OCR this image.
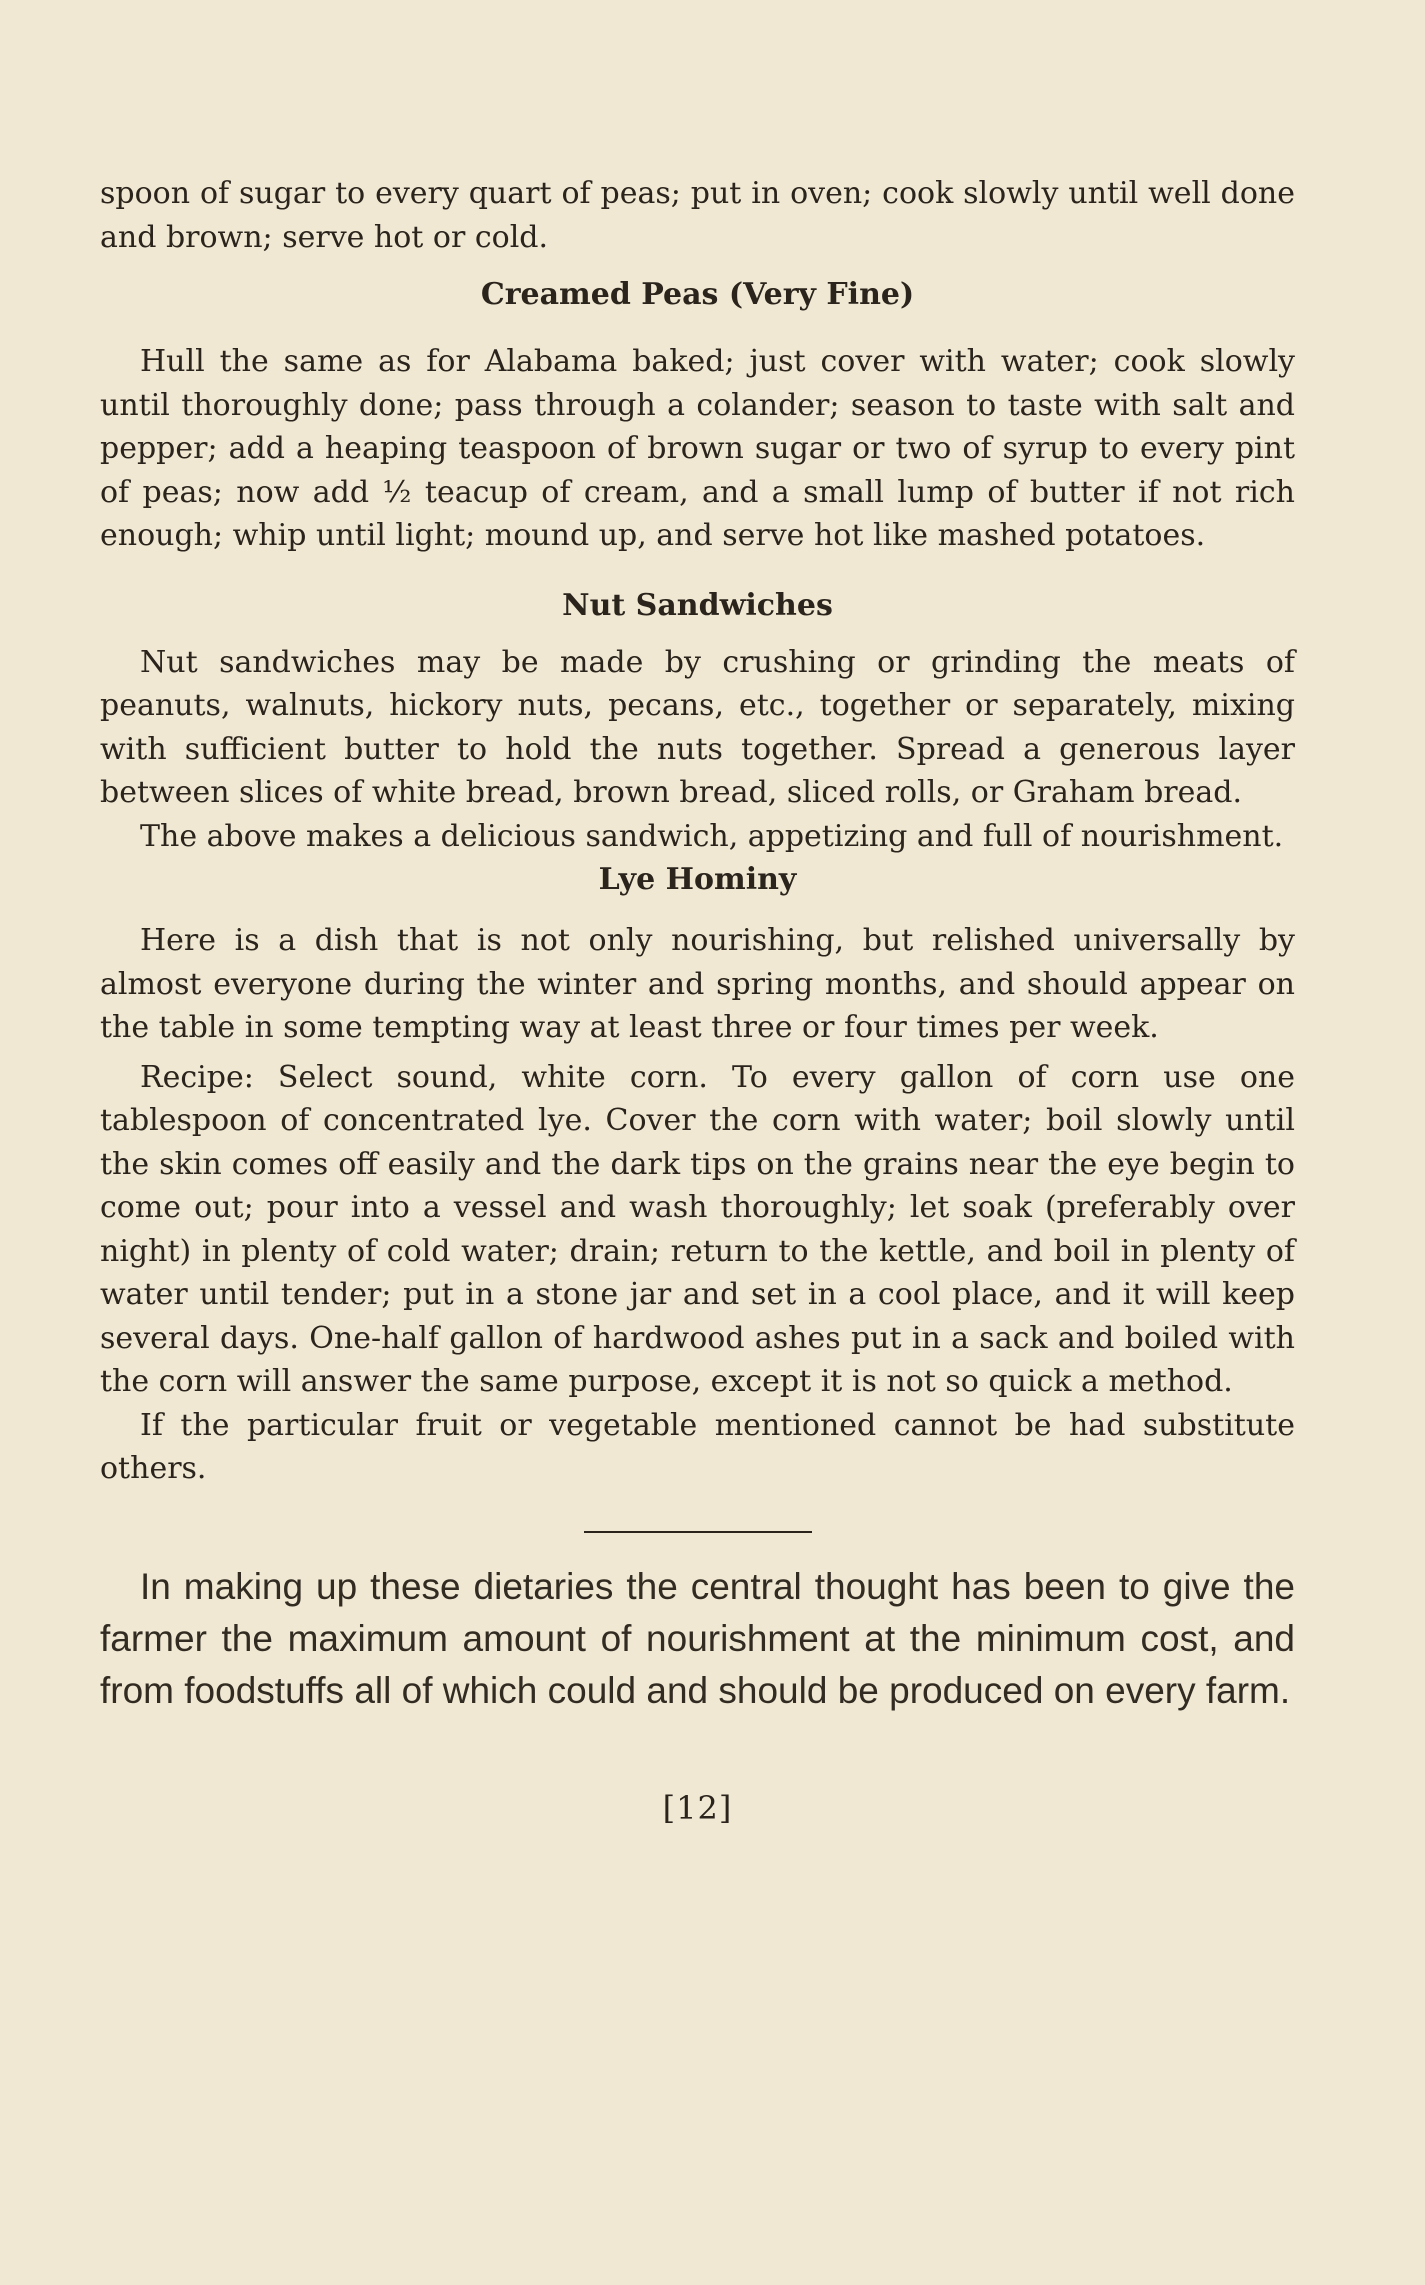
spoon of sugar to every quart of peas; put in oven; cook slowly until well done and brown; serve hot or cold.

Creamed Peas (Very Fine)

Hull the same as for Alabama baked; just cover with water; cook slowly until thoroughly done; pass through a colander; season to taste with salt and pepper; add a heaping teaspoon of brown sugar or two of syrup to every pint of peas; now add ½ teacup of cream, and a small lump of butter if not rich enough; whip until light; mound up, and serve hot like mashed potatoes.

Nut Sandwiches

Nut sandwiches may be made by crushing or grinding the meats of peanuts, walnuts, hickory nuts, pecans, etc., together or separately, mixing with sufficient butter to hold the nuts together. Spread a generous layer between slices of white bread, brown bread, sliced rolls, or Graham bread.

The above makes a delicious sandwich, appetizing and full of nourishment.

Lye Hominy

Here is a dish that is not only nourishing, but relished universally by almost everyone during the winter and spring months, and should appear on the table in some tempting way at least three or four times per week.

Recipe: Select sound, white corn. To every gallon of corn use one tablespoon of concentrated lye. Cover the corn with water; boil slowly until the skin comes off easily and the dark tips on the grains near the eye begin to come out; pour into a vessel and wash thoroughly; let soak (preferably over night) in plenty of cold water; drain; return to the kettle, and boil in plenty of water until tender; put in a stone jar and set in a cool place, and it will keep several days. One-half gallon of hardwood ashes put in a sack and boiled with the corn will answer the same purpose, except it is not so quick a method.

If the particular fruit or vegetable mentioned cannot be had substitute others.

In making up these dietaries the central thought has been to give the farmer the maximum amount of nourishment at the minimum cost, and from foodstuffs all of which could and should be produced on every farm.

[12]
